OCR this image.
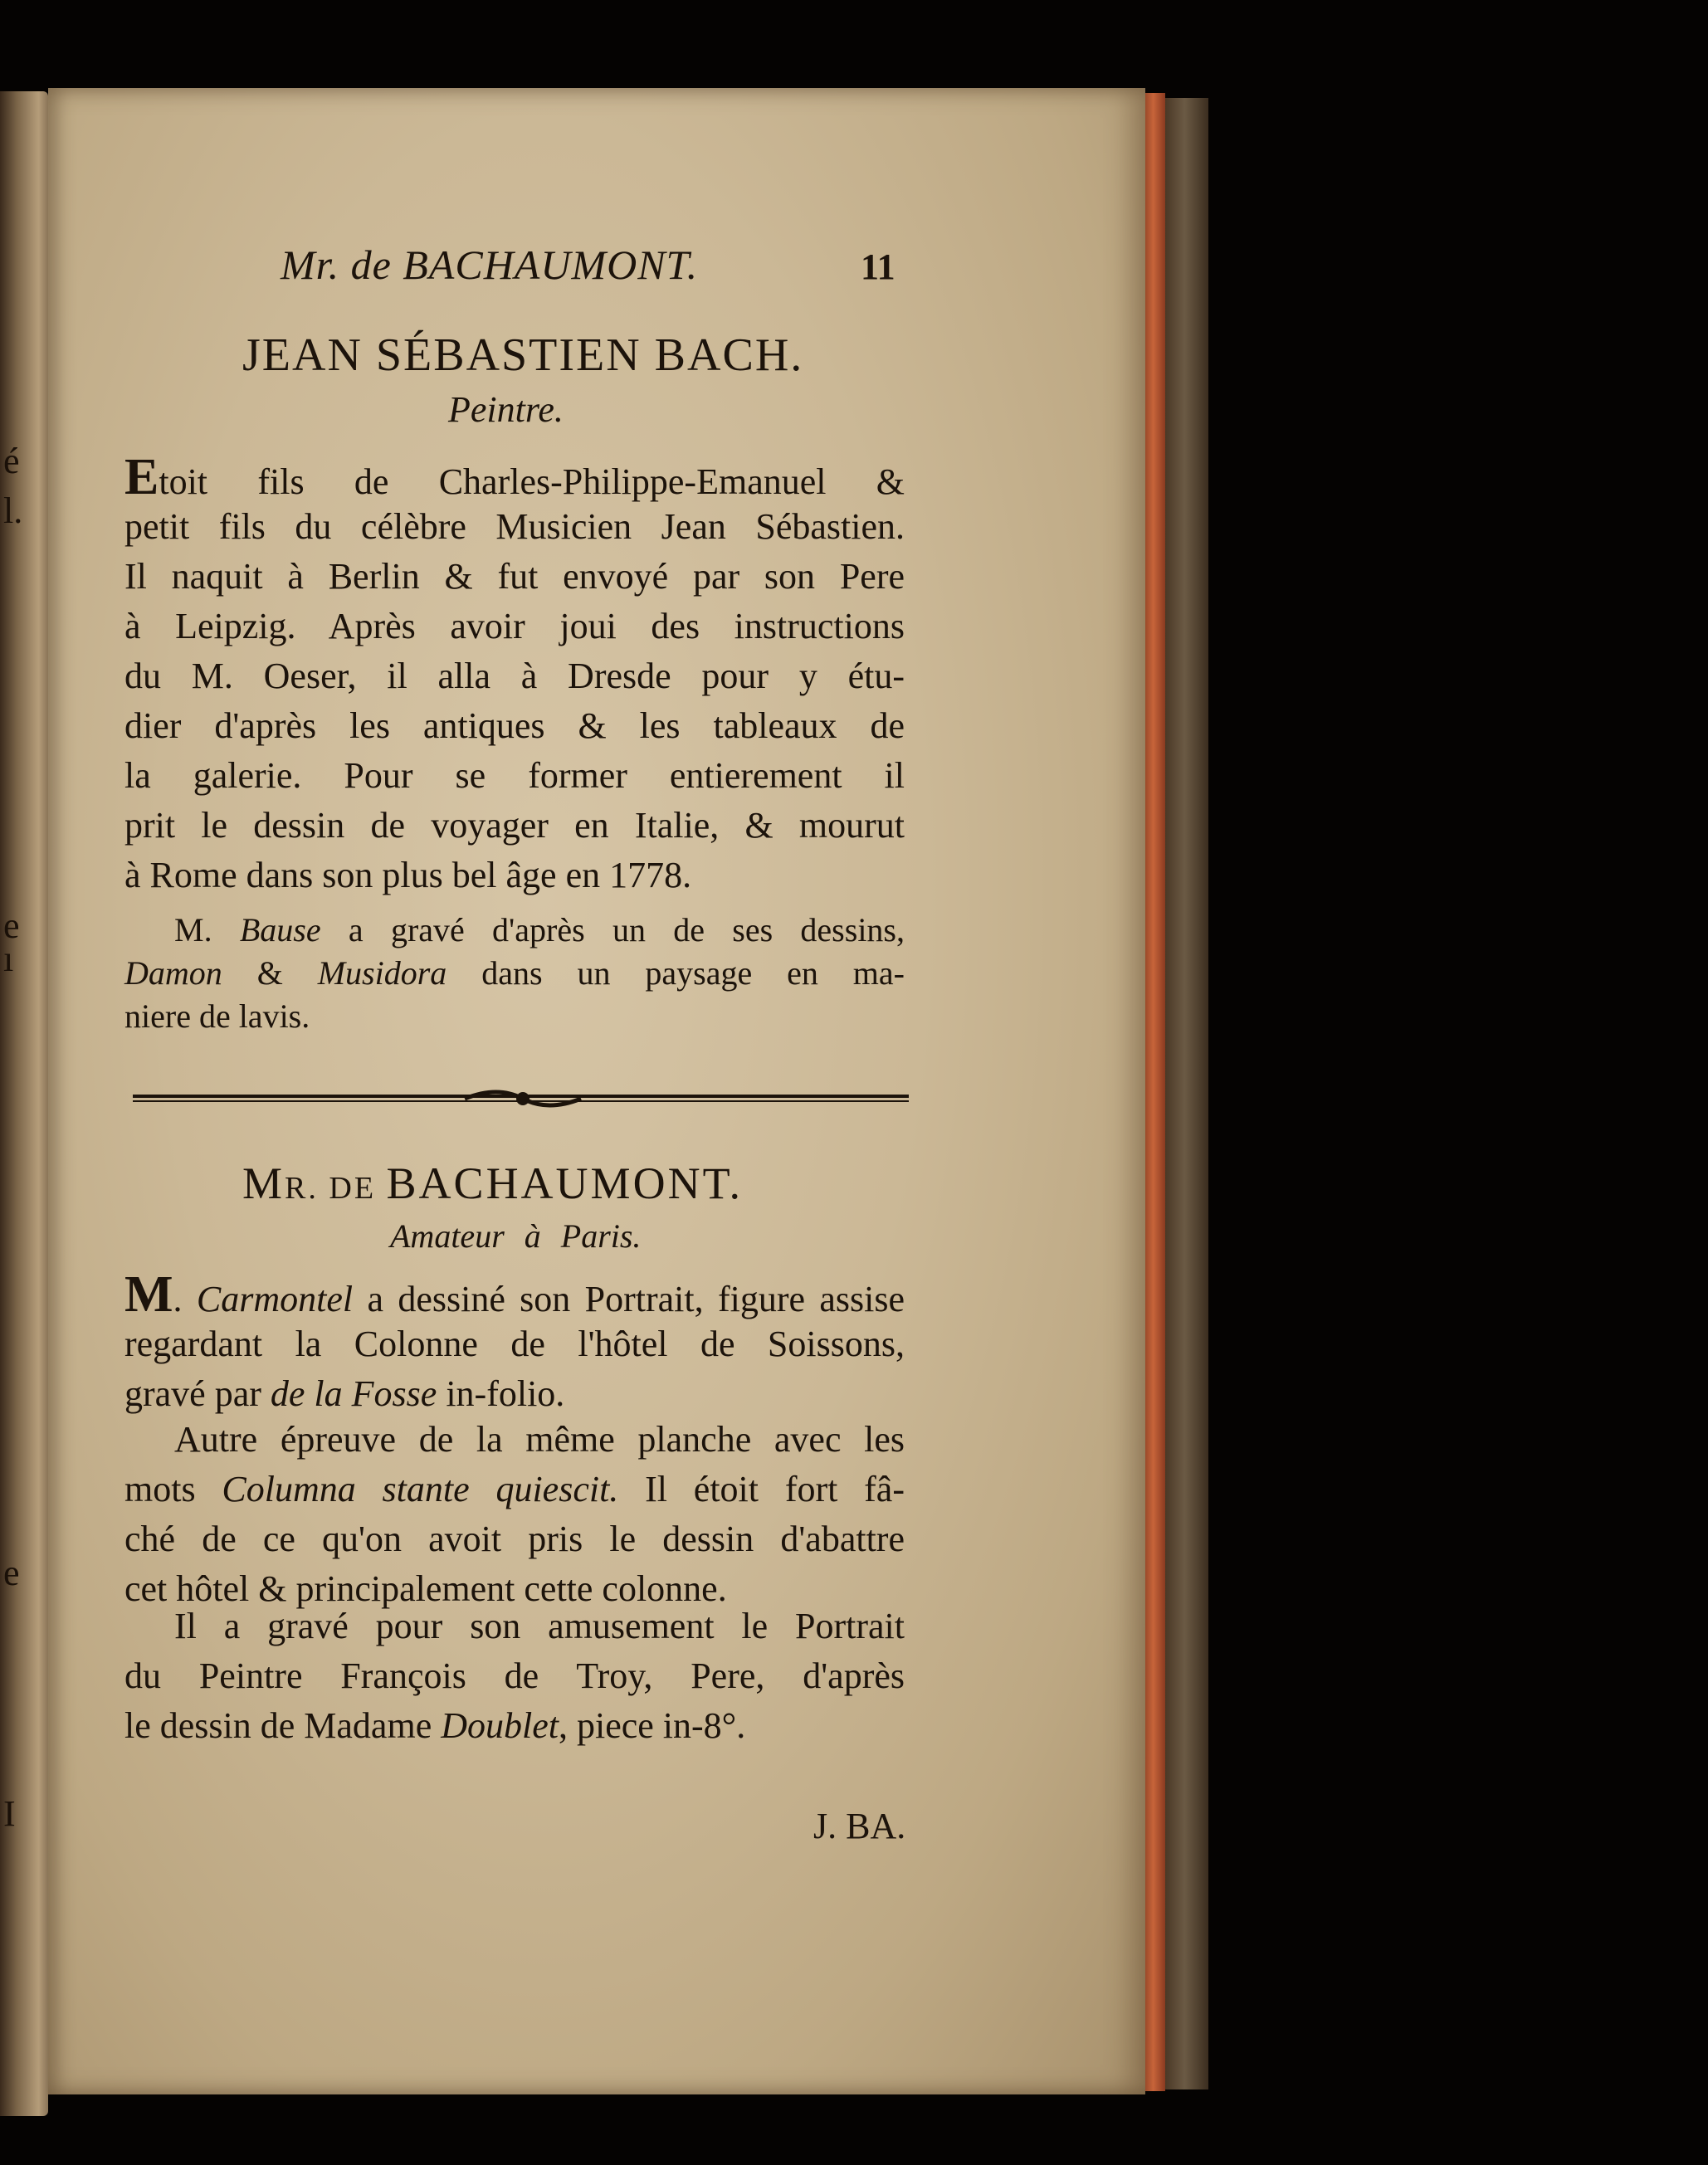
é
l.
e
ı
e
I
Mr. de BACHAUMONT.	11
JEAN SÉBASTIEN BACH.
Peintre.
Etoit fils de Charles-Philippe-Emanuel &
petit fils du célèbre Musicien Jean Sébastien.
Il naquit à Berlin & fut envoyé par son Pere
à Leipzig. Après avoir joui des instructions
du M. Oeser, il alla à Dresde pour y étu-
dier d'après les antiques & les tableaux de
la galerie. Pour se former entierement il
prit le dessin de voyager en Italie, & mourut
à Rome dans son plus bel âge en 1778.
M. Bause a gravé d'après un de ses dessins,
Damon & Musidora dans un paysage en ma-
niere de lavis.
MR. DE BACHAUMONT.
Amateur à Paris.
M. Carmontel a dessiné son Portrait, figure assise
regardant la Colonne de l'hôtel de Soissons,
gravé par de la Fosse in-folio.
Autre épreuve de la même planche avec les
mots Columna stante quiescit. Il étoit fort fâ-
ché de ce qu'on avoit pris le dessin d'abattre
cet hôtel & principalement cette colonne.
Il a gravé pour son amusement le Portrait
du Peintre François de Troy, Pere, d'après
le dessin de Madame Doublet, piece in-8°.
J. BA.
